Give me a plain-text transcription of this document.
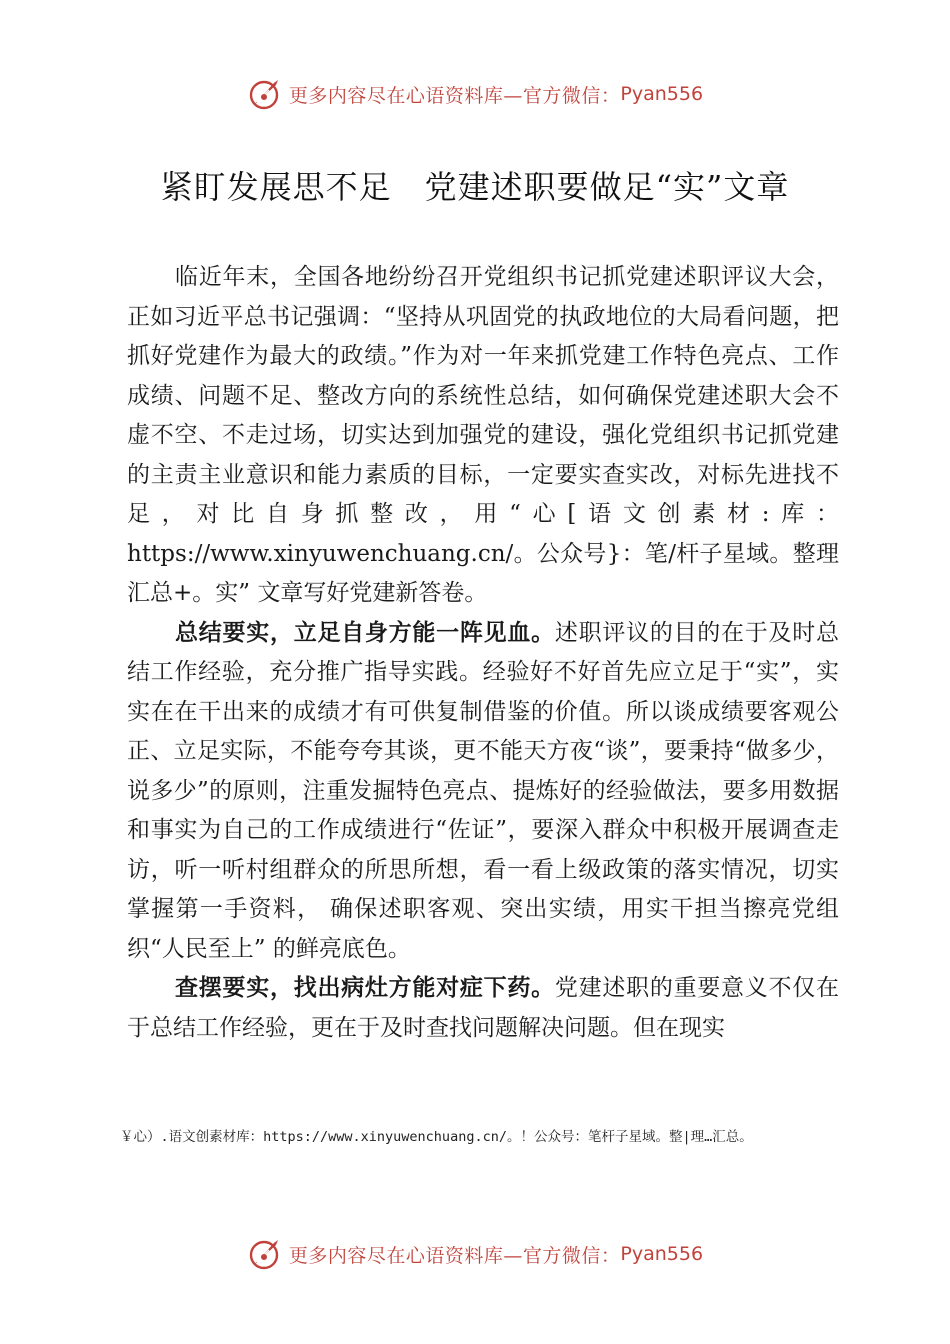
更多内容尽在心语资料库—官方微信： Pyan556
紧盯发展思不足　党建述职要做足“实”文章

临近年末，全国各地纷纷召开党组织书记抓党建述职评议大会，正如习近平总书记强调：“坚持从巩固党的执政地位的大局看问题，把抓好党建作为最大的政绩。”作为对一年来抓党建工作特色亮点、工作成绩、问题不足、整改方向的系统性总结，如何确保党建述职大会不虚不空、不走过场，切实达到加强党的建设，强化党组织书记抓党建的主责主业意识和能力素质的目标，一定要实查实改，对标先进找不足，对比自身抓整改，用“心[语文创素材:库：https://www.xinyuwenchuang.cn/。公众号}：笔/杆子星域。整理汇总+。实” 文章写好党建新答卷。

总结要实，立足自身方能一阵见血。述职评议的目的在于及时总结工作经验，充分推广指导实践。经验好不好首先应立足于“实”，实实在在干出来的成绩才有可供复制借鉴的价值。所以谈成绩要客观公正、立足实际，不能夸夸其谈，更不能天方夜“谈”，要秉持“做多少，说多少”的原则，注重发掘特色亮点、提炼好的经验做法，要多用数据和事实为自己的工作成绩进行“佐证”，要深入群众中积极开展调查走访，听一听村组群众的所思所想，看一看上级政策的落实情况，切实掌握第一手资料， 确保述职客观、突出实绩，用实干担当擦亮党组织“人民至上” 的鲜亮底色。

查摆要实，找出病灶方能对症下药。党建述职的重要意义不仅在于总结工作经验，更在于及时查找问题解决问题。但在现实

￥心）.语文创素材库：https://www.xinyuwenchuang.cn/。！公众号：笔杆子星域。整|理…汇总。
更多内容尽在心语资料库—官方微信： Pyan556
